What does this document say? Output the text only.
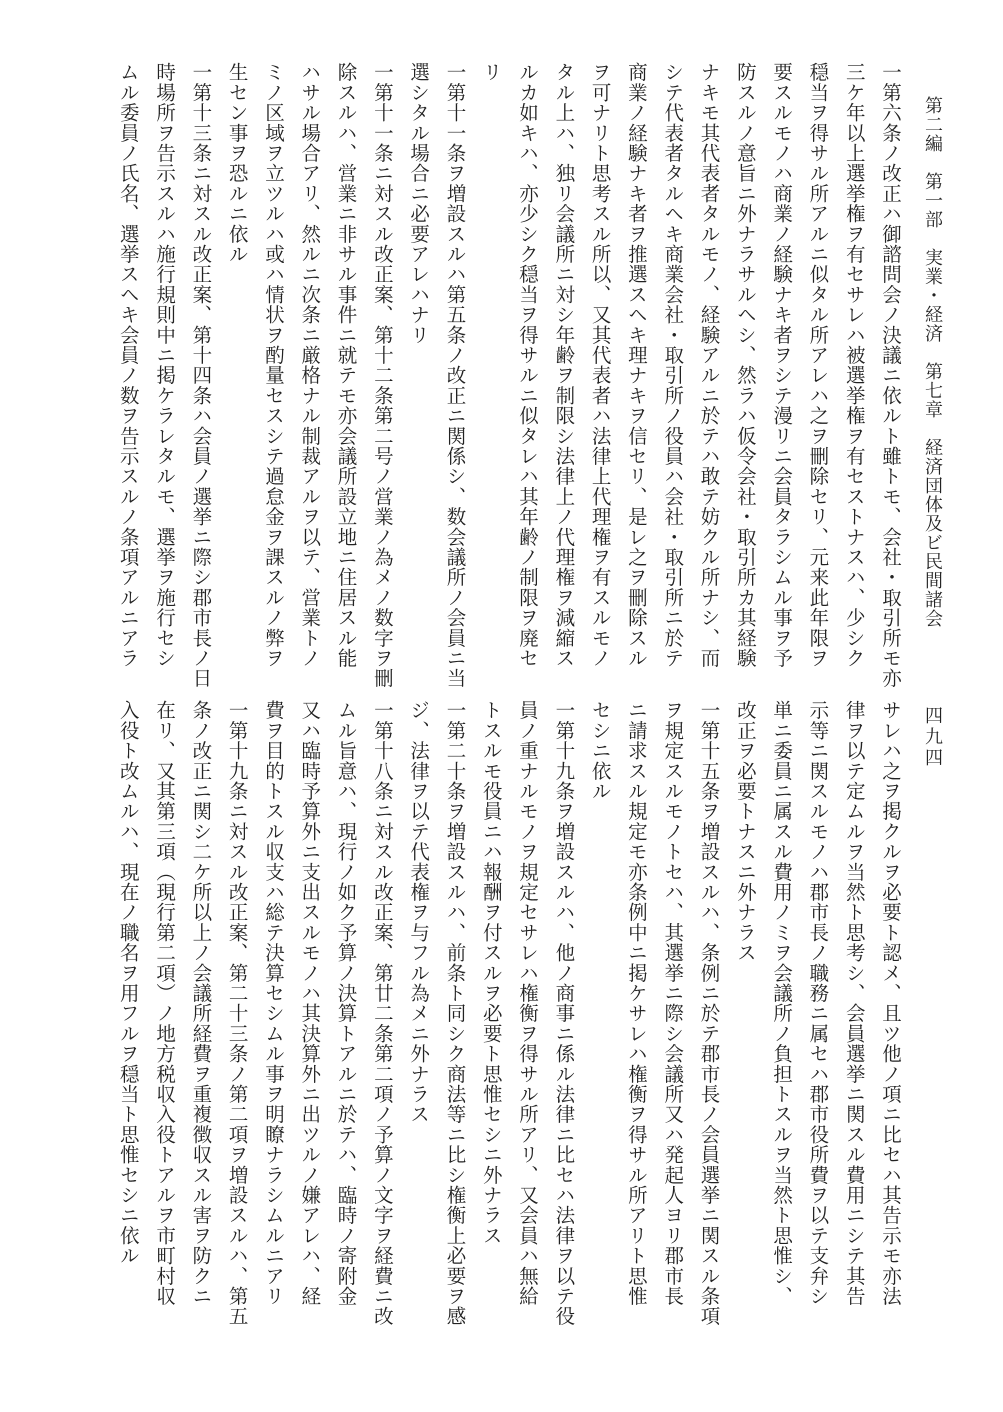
第二編　第一部　実業・経済　第七章　経済団体及ビ民間諸会
四九四
一第六条ノ改正ハ御諮問会ノ決議ニ依ルト雖トモ、会社・取引所モ亦
三ケ年以上選挙権ヲ有セサレハ被選挙権ヲ有セストナスハ、少シク
穏当ヲ得サル所アルニ似タル所アレハ之ヲ刪除セリ、元来此年限ヲ
要スルモノハ商業ノ経験ナキ者ヲシテ漫リニ会員タラシムル事ヲ予
防スルノ意旨ニ外ナラサルヘシ、然ラハ仮令会社・取引所カ其経験
ナキモ其代表者タルモノ、経験アルニ於テハ敢テ妨クル所ナシ、而
シテ代表者タルヘキ商業会社・取引所ノ役員ハ会社・取引所ニ於テ
商業ノ経験ナキ者ヲ推選スヘキ理ナキヲ信セリ、是レ之ヲ刪除スル
ヲ可ナリト思考スル所以、又其代表者ハ法律上代理権ヲ有スルモノ
タル上ハ、独リ会議所ニ対シ年齢ヲ制限シ法律上ノ代理権ヲ減縮ス
ルカ如キハ、亦少シク穏当ヲ得サルニ似タレハ其年齢ノ制限ヲ廃セ
リ
一第十一条ヲ増設スルハ第五条ノ改正ニ関係シ、数会議所ノ会員ニ当
選シタル場合ニ必要アレハナリ
一第十一条ニ対スル改正案、第十二条第二号ノ営業ノ為メノ数字ヲ刪
除スルハ、営業ニ非サル事件ニ就テモ亦会議所設立地ニ住居スル能
ハサル場合アリ、然ルニ次条ニ厳格ナル制裁アルヲ以テ、営業トノ
ミノ区域ヲ立ツルハ或ハ情状ヲ酌量セスシテ過怠金ヲ課スルノ弊ヲ
生セン事ヲ恐ルニ依ル
一第十三条ニ対スル改正案、第十四条ハ会員ノ選挙ニ際シ郡市長ノ日
時場所ヲ告示スルハ施行規則中ニ掲ケラレタルモ、選挙ヲ施行セシ
ムル委員ノ氏名、選挙スヘキ会員ノ数ヲ告示スルノ条項アルニアラ
サレハ之ヲ掲クルヲ必要ト認メ、且ツ他ノ項ニ比セハ其告示モ亦法
律ヲ以テ定ムルヲ当然ト思考シ、会員選挙ニ関スル費用ニシテ其告
示等ニ関スルモノハ郡市長ノ職務ニ属セハ郡市役所費ヲ以テ支弁シ
単ニ委員ニ属スル費用ノミヲ会議所ノ負担トスルヲ当然ト思惟シ、
改正ヲ必要トナスニ外ナラス
一第十五条ヲ増設スルハ、条例ニ於テ郡市長ノ会員選挙ニ関スル条項
ヲ規定スルモノトセハ、其選挙ニ際シ会議所又ハ発起人ヨリ郡市長
ニ請求スル規定モ亦条例中ニ掲ケサレハ権衡ヲ得サル所アリト思惟
セシニ依ル
一第十九条ヲ増設スルハ、他ノ商事ニ係ル法律ニ比セハ法律ヲ以テ役
員ノ重ナルモノヲ規定セサレハ権衡ヲ得サル所アリ、又会員ハ無給
トスルモ役員ニハ報酬ヲ付スルヲ必要ト思惟セシニ外ナラス
一第二十条ヲ増設スルハ、前条ト同シク商法等ニ比シ権衡上必要ヲ感
ジ、法律ヲ以テ代表権ヲ与フル為メニ外ナラス
一第十八条ニ対スル改正案、第廿二条第二項ノ予算ノ文字ヲ経費ニ改
ムル旨意ハ、現行ノ如ク予算ノ決算トアルニ於テハ、臨時ノ寄附金
又ハ臨時予算外ニ支出スルモノハ其決算外ニ出ツルノ嫌アレハ、経
費ヲ目的トスル収支ハ総テ決算セシムル事ヲ明瞭ナラシムルニアリ
一第十九条ニ対スル改正案、第二十三条ノ第二項ヲ増設スルハ、第五
条ノ改正ニ関シ二ケ所以上ノ会議所経費ヲ重複徴収スル害ヲ防クニ
在リ、又其第三項（現行第二項）ノ地方税収入役トアルヲ市町村収
入役ト改ムルハ、現在ノ職名ヲ用フルヲ穏当ト思惟セシニ依ル
